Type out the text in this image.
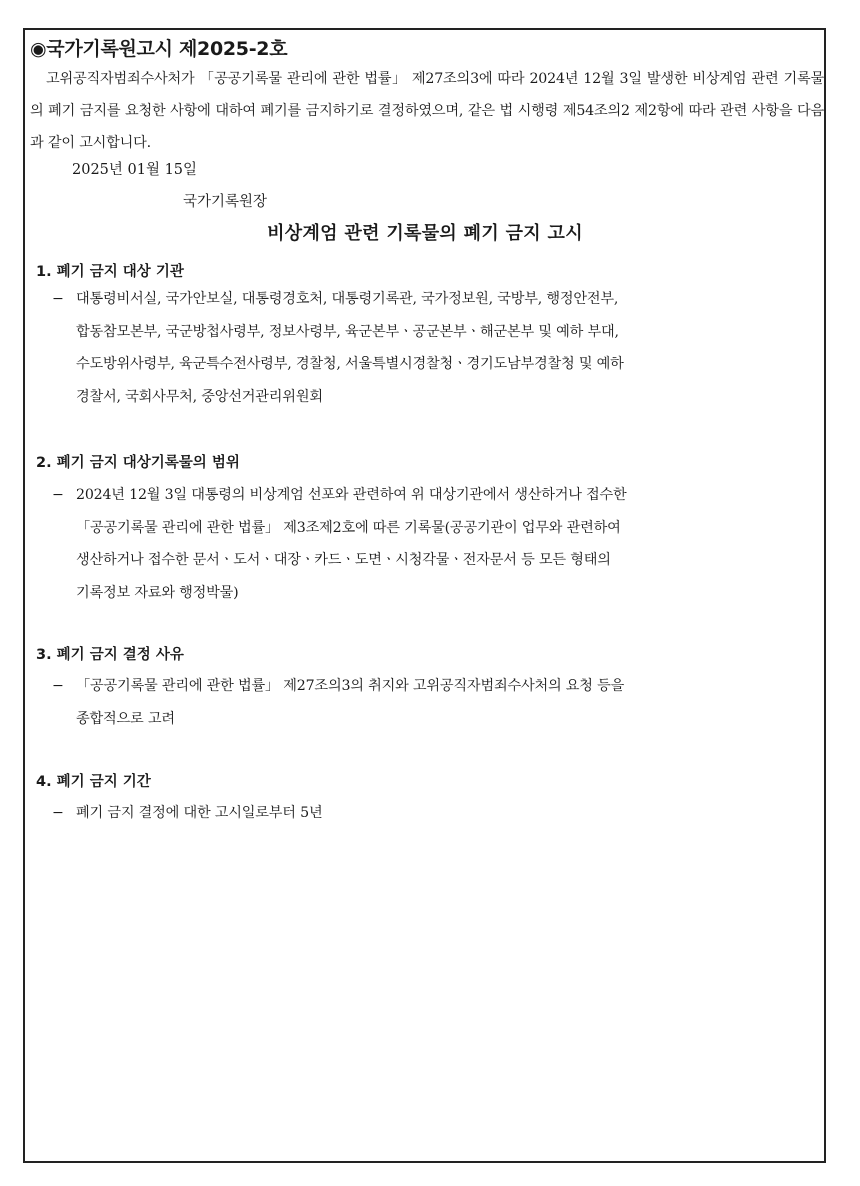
◉국가기록원고시 제2025-2호
고위공직자범죄수사처가 「공공기록물 관리에 관한 법률」 제27조의3에 따라 2024년 12월 3일 발생한 비상계엄 관련 기록물의 폐기 금지를 요청한 사항에 대하여 폐기를 금지하기로 결정하였으며, 같은 법 시행령 제54조의2 제2항에 따라 관련 사항을 다음과 같이 고시합니다.
2025년 01월 15일
국가기록원장
비상계엄 관련 기록물의 폐기 금지 고시
1. 폐기 금지 대상 기관
− 대통령비서실, 국가안보실, 대통령경호처, 대통령기록관, 국가정보원, 국방부, 행정안전부,
합동참모본부, 국군방첩사령부, 정보사령부, 육군본부ㆍ공군본부ㆍ해군본부 및 예하 부대,
수도방위사령부, 육군특수전사령부, 경찰청, 서울특별시경찰청ㆍ경기도남부경찰청 및 예하
경찰서, 국회사무처, 중앙선거관리위원회
2. 폐기 금지 대상기록물의 범위
− 2024년 12월 3일 대통령의 비상계엄 선포와 관련하여 위 대상기관에서 생산하거나 접수한
「공공기록물 관리에 관한 법률」 제3조제2호에 따른 기록물(공공기관이 업무와 관련하여
생산하거나 접수한 문서ㆍ도서ㆍ대장ㆍ카드ㆍ도면ㆍ시청각물ㆍ전자문서 등 모든 형태의
기록정보 자료와 행정박물)
3. 폐기 금지 결정 사유
− 「공공기록물 관리에 관한 법률」 제27조의3의 취지와 고위공직자범죄수사처의 요청 등을
종합적으로 고려
4. 폐기 금지 기간
− 폐기 금지 결정에 대한 고시일로부터 5년
